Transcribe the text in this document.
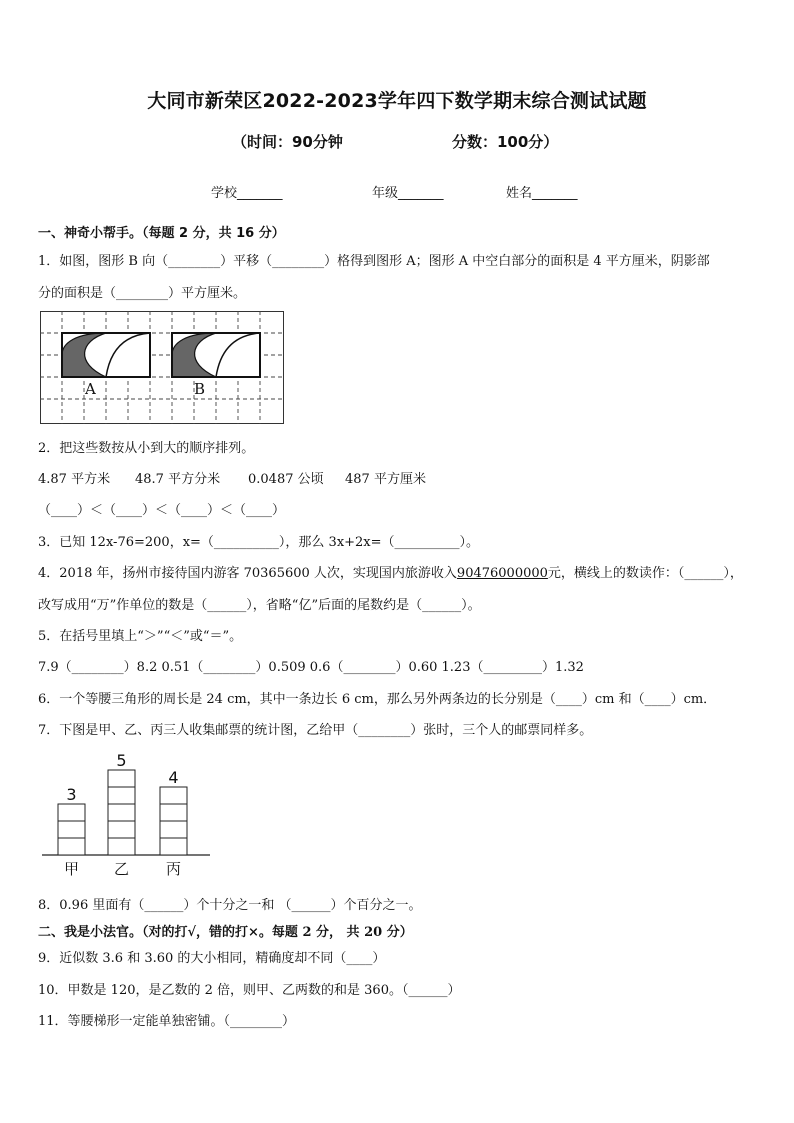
大同市新荣区2022-2023学年四下数学期末综合测试试题
（时间：90分钟	分数：100分）
学校_______	年级_______	姓名_______
一、神奇小帮手。（每题 2 分，共 16 分）
1．如图，图形 B 向（________）平移（________）格得到图形 A；图形 A 中空白部分的面积是 4 平方厘米，阴影部
分的面积是（________）平方厘米。
A	B
2．把这些数按从小到大的顺序排列。
4.87 平方米 48.7 平方分米 0.0487 公顷 487 平方厘米
（____）＜（____）＜（____）＜（____）
3．已知 12x-76=200，x=（__________），那么 3x+2x=（__________）。
4．2018 年，扬州市接待国内游客 70365600 人次，实现国内旅游收入90476000000元，横线上的数读作：（______），
改写成用“万”作单位的数是（______），省略“亿”后面的尾数约是（______）。
5．在括号里填上“＞”“＜”或“＝”。
7.9（________）8.2 0.51（________）0.509 0.6（________）0.60 1.23（_________）1.32
6．一个等腰三角形的周长是 24 cm，其中一条边长 6 cm，那么另外两条边的长分别是（____）cm 和（____）cm．
7．下图是甲、乙、丙三人收集邮票的统计图，乙给甲（________）张时，三个人的邮票同样多。
3
甲
5
乙
4
丙
8．0.96 里面有（______）个十分之一和 （______）个百分之一。
二、我是小法官。（对的打√，错的打×。每题 2 分， 共 20 分）
9．近似数 3.6 和 3.60 的大小相同，精确度却不同（____）
10．甲数是 120，是乙数的 2 倍，则甲、乙两数的和是 360。（______）
11．等腰梯形一定能单独密铺。（________）
